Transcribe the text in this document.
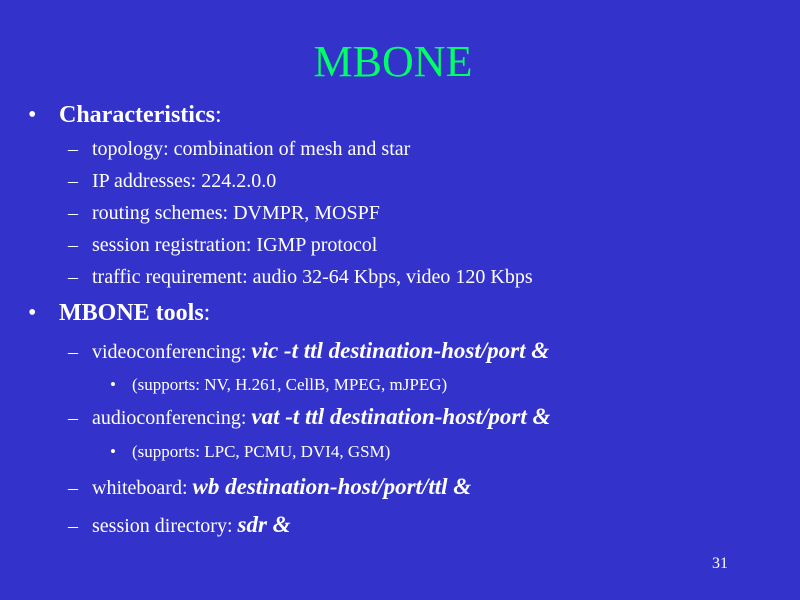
MBONE
• Characteristics:
– topology: combination of mesh and star
– IP addresses: 224.2.0.0
– routing schemes: DVMPR, MOSPF
– session registration: IGMP protocol
– traffic requirement: audio 32-64 Kbps, video 120 Kbps
• MBONE tools:
– videoconferencing: vic -t ttl destination-host/port &
• (supports: NV, H.261, CellB, MPEG, mJPEG)
– audioconferencing: vat -t ttl destination-host/port &
• (supports: LPC, PCMU, DVI4, GSM)
– whiteboard: wb destination-host/port/ttl &
– session directory: sdr &
31
